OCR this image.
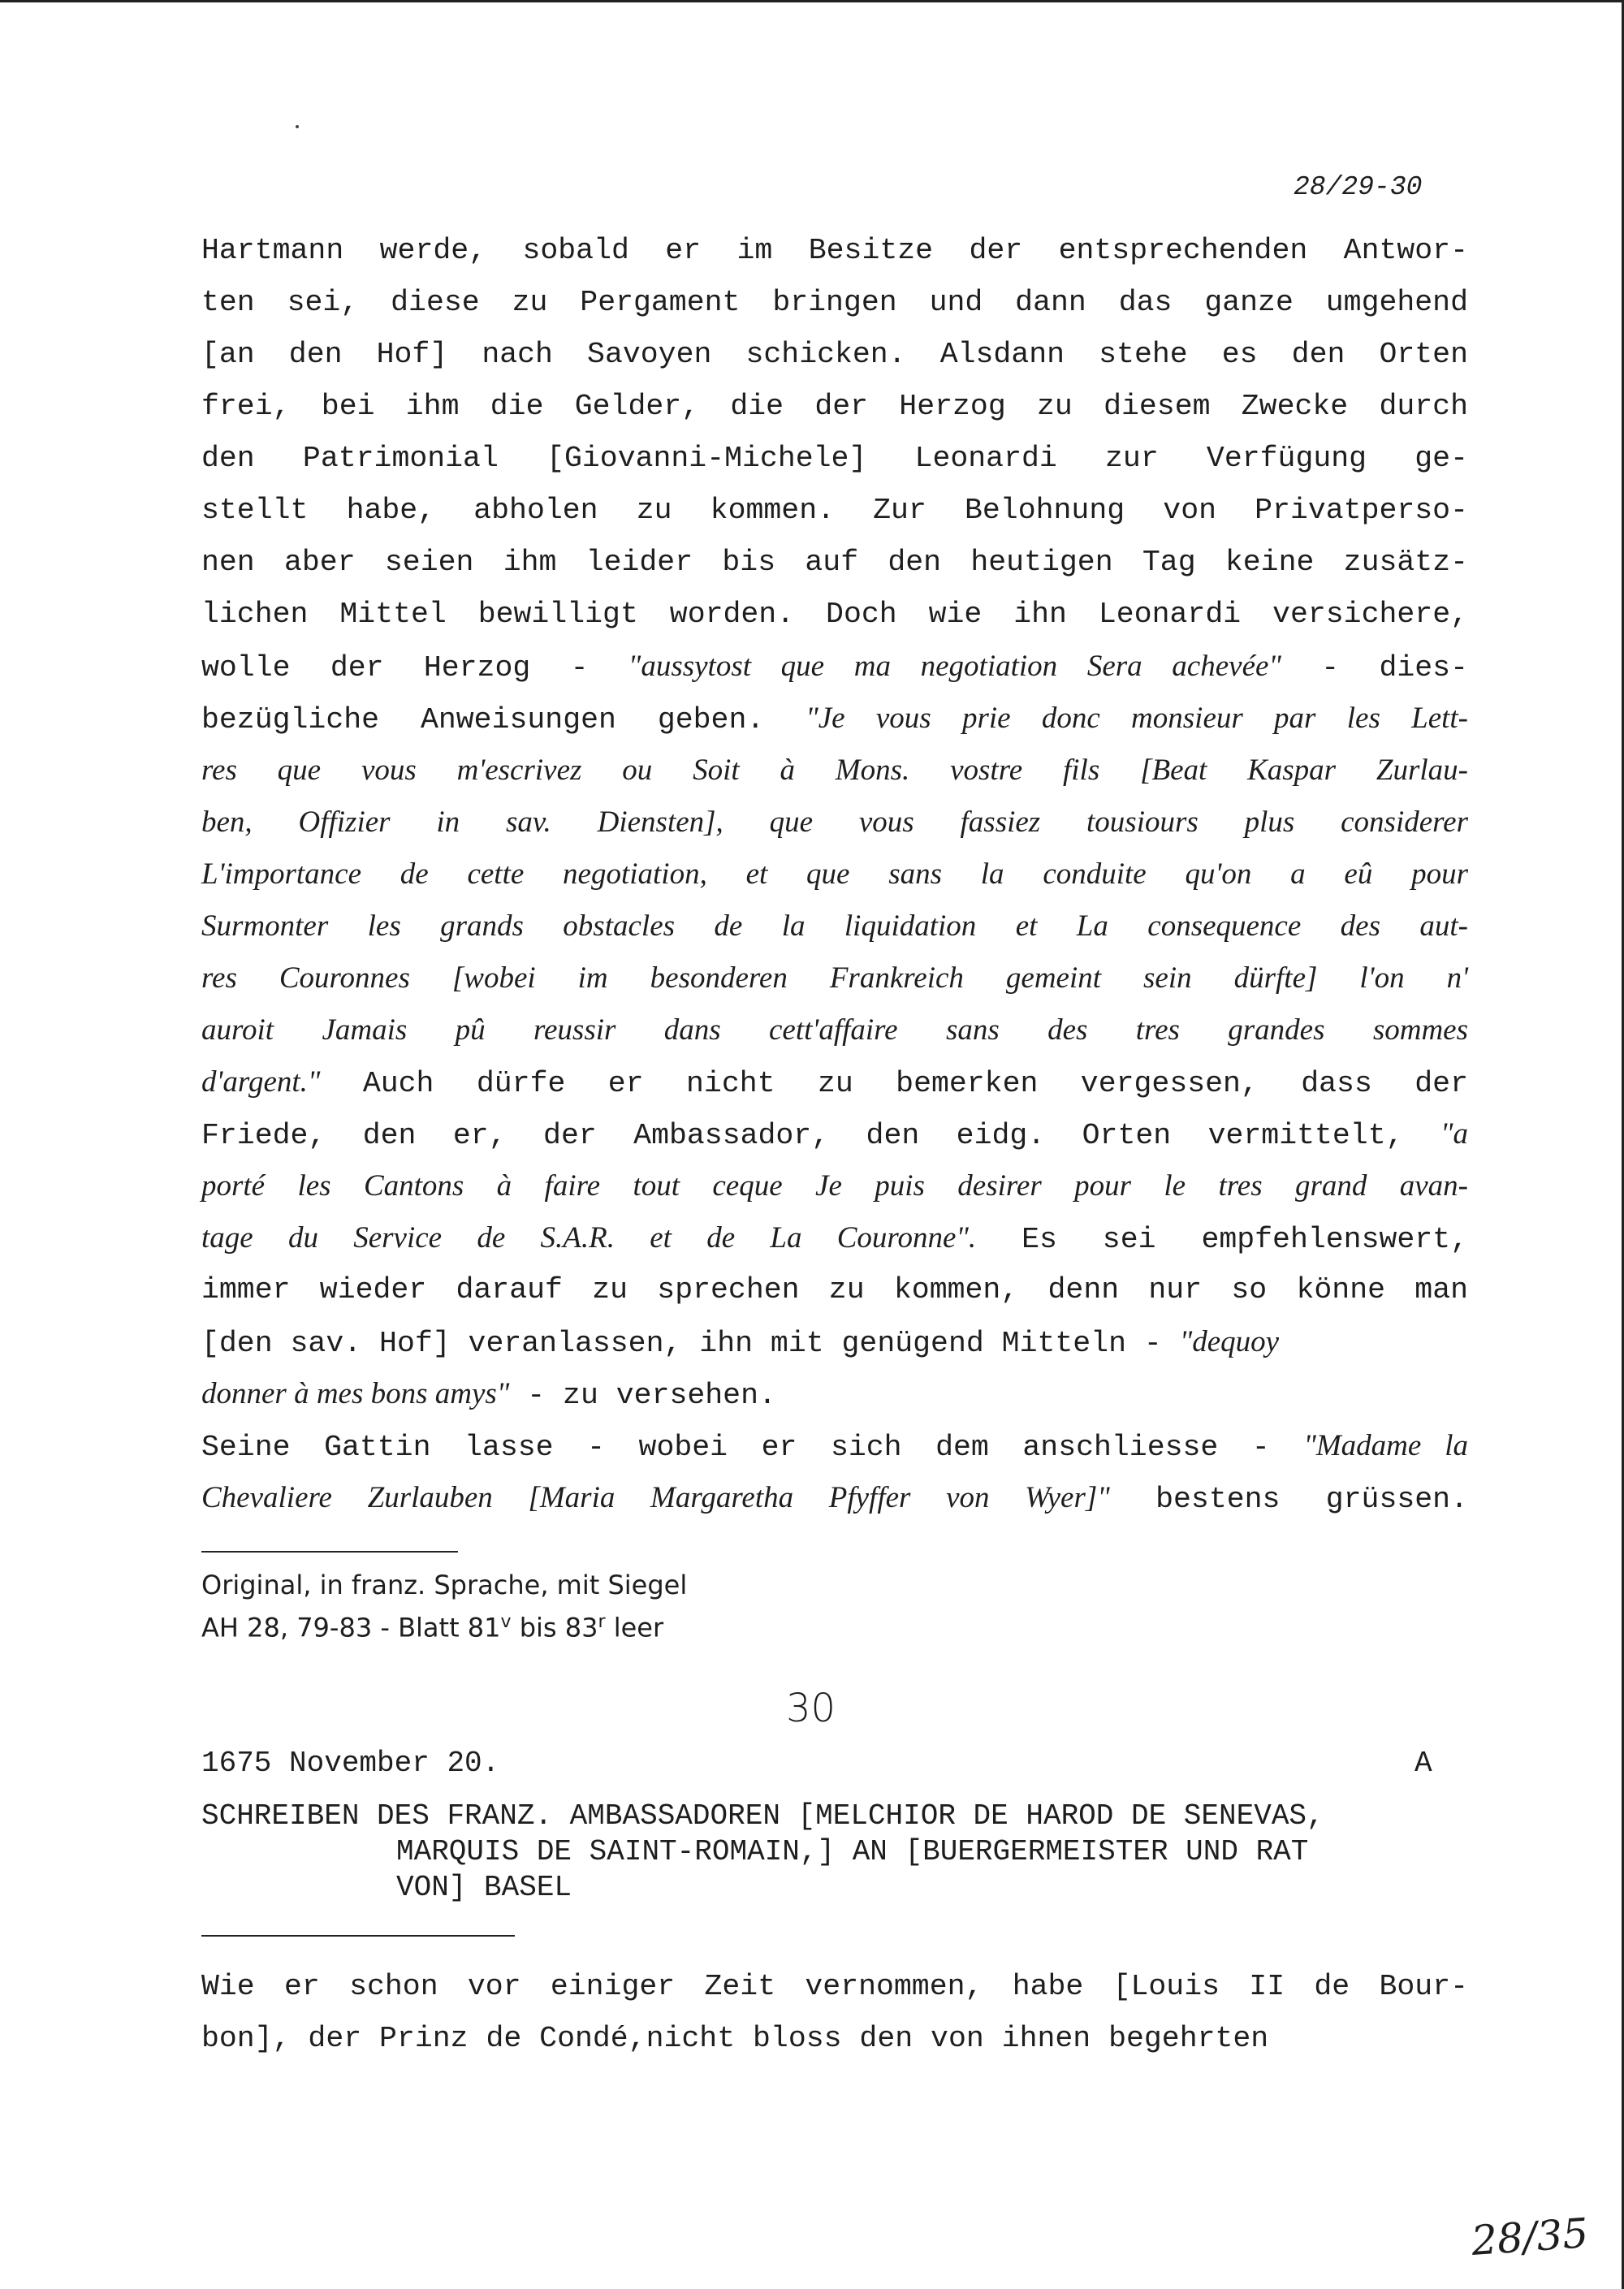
28/29-30
Hartmann werde, sobald er im Besitze der entsprechenden Antwor-
ten sei, diese zu Pergament bringen und dann das ganze umgehend
[an den Hof] nach Savoyen schicken. Alsdann stehe es den Orten
frei, bei ihm die Gelder, die der Herzog zu diesem Zwecke durch
den Patrimonial [Giovanni-Michele] Leonardi zur Verfügung ge-
stellt habe, abholen zu kommen. Zur Belohnung von Privatperso-
nen aber seien ihm leider bis auf den heutigen Tag keine zusätz-
lichen Mittel bewilligt worden. Doch wie ihn Leonardi versichere,
wolle der Herzog - "aussytost que ma negotiation Sera achevée" - dies-
bezügliche Anweisungen geben. "Je vous prie donc monsieur par les Lett-
res que vous m'escrivez ou Soit à Mons. vostre fils [Beat Kaspar Zurlau-
ben, Offizier in sav. Diensten], que vous fassiez tousiours plus considerer
L'importance de cette negotiation, et que sans la conduite qu'on a eû pour
Surmonter les grands obstacles de la liquidation et La consequence des aut-
res Couronnes [wobei im besonderen Frankreich gemeint sein dürfte] l'on n'
auroit Jamais pû reussir dans cett'affaire sans des tres grandes sommes
d'argent." Auch dürfe er nicht zu bemerken vergessen, dass der
Friede, den er, der Ambassador, den eidg. Orten vermittelt, "a
porté les Cantons à faire tout ceque Je puis desirer pour le tres grand avan-
tage du Service de S.A.R. et de La Couronne". Es sei empfehlenswert,
immer wieder darauf zu sprechen zu kommen, denn nur so könne man
[den sav. Hof] veranlassen, ihn mit genügend Mitteln - "dequoy
donner à mes bons amys" - zu versehen.
Seine Gattin lasse - wobei er sich dem anschliesse - "Madame la
Chevaliere Zurlauben [Maria Margaretha Pfyffer von Wyer]" bestens grüssen.
Original, in franz. Sprache, mit Siegel
AH 28, 79-83 - Blatt 81$^v$ bis 83$^r$ leer
30
1675 November 20.	A
SCHREIBEN DES FRANZ. AMBASSADOREN [MELCHIOR DE HAROD DE SENEVAS,
MARQUIS DE SAINT-ROMAIN,] AN [BUERGERMEISTER UND RAT
VON] BASEL
Wie er schon vor einiger Zeit vernommen, habe [Louis II de Bour-
bon], der Prinz de Condé,nicht bloss den von ihnen begehrten
28/35
